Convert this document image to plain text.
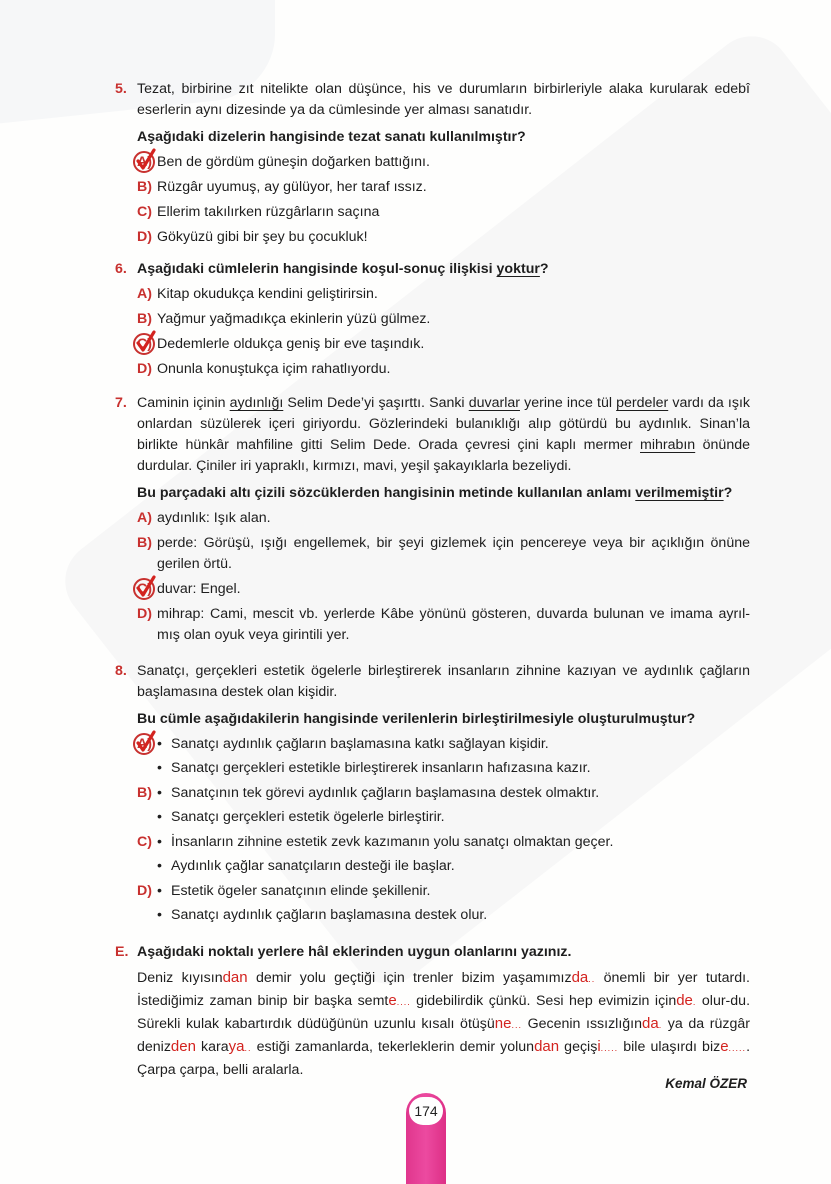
5. Tezat, birbirine zıt nitelikte olan düşünce, his ve durumların birbirleriyle alaka kurularak edebî eserlerin aynı dizesinde ya da cümlesinde yer alması sanatıdır.
Aşağıdaki dizelerin hangisinde tezat sanatı kullanılmıştır?
A) Ben de gördüm güneşin doğarken battığını.
B) Rüzgâr uyumuş, ay gülüyor, her taraf ıssız.
C) Ellerim takılırken rüzgârların saçına
D) Gökyüzü gibi bir şey bu çocukluk!
6. Aşağıdaki cümlelerin hangisinde koşul-sonuç ilişkisi yoktur?
A) Kitap okudukça kendini geliştirirsin.
B) Yağmur yağmadıkça ekinlerin yüzü gülmez.
C) Dedemlerle oldukça geniş bir eve taşındık.
D) Onunla konuştukça içim rahatlıyordu.
7. Caminin içinin aydınlığı Selim Dede’yi şaşırttı. Sanki duvarlar yerine ince tül perdeler vardı da ışık onlardan süzülerek içeri giriyordu. Gözlerindeki bulanıklığı alıp götürdü bu aydınlık. Sinan’la birlikte hünkâr mahfiline gitti Selim Dede. Orada çevresi çini kaplı mermer mihrabın önünde durdular. Çiniler iri yapraklı, kırmızı, mavi, yeşil şakayıklarla bezeliydi.
Bu parçadaki altı çizili sözcüklerden hangisinin metinde kullanılan anlamı verilmemiştir?
A) aydınlık: Işık alan.
B) perde: Görüşü, ışığı engellemek, bir şeyi gizlemek için pencereye veya bir açıklığın önüne gerilen örtü.
C) duvar: Engel.
D) mihrap: Cami, mescit vb. yerlerde Kâbe yönünü gösteren, duvarda bulunan ve imama ayrıl-mış olan oyuk veya girintili yer.
8. Sanatçı, gerçekleri estetik ögelerle birleştirerek insanların zihnine kazıyan ve aydınlık çağların başlamasına destek olan kişidir.
Bu cümle aşağıdakilerin hangisinde verilenlerin birleştirilmesiyle oluşturulmuştur?
A) • Sanatçı aydınlık çağların başlamasına katkı sağlayan kişidir.
• Sanatçı gerçekleri estetikle birleştirerek insanların hafızasına kazır.
B) • Sanatçının tek görevi aydınlık çağların başlamasına destek olmaktır.
• Sanatçı gerçekleri estetik ögelerle birleştirir.
C) • İnsanların zihnine estetik zevk kazımanın yolu sanatçı olmaktan geçer.
• Aydınlık çağlar sanatçıların desteği ile başlar.
D) • Estetik ögeler sanatçının elinde şekillenir.
• Sanatçı aydınlık çağların başlamasına destek olur.
E. Aşağıdaki noktalı yerlere hâl eklerinden uygun olanlarını yazınız.
Deniz kıyısından demir yolu geçtiği için trenler bizim yaşamımızda.. önemli bir yer tutardı. İstediğimiz zaman binip bir başka semte.... gidebilirdik çünkü. Sesi hep evimizin içinde. olur-du. Sürekli kulak kabartırdık düdüğünün uzunlu kısalı ötüşüne... Gecenin ıssızlığında. ya da rüzgâr denizden karaya.. estiği zamanlarda, tekerleklerin demir yolundan geçişi..... bile ulaşırdı bize...... Çarpa çarpa, belli aralarla.
Kemal ÖZER
174
